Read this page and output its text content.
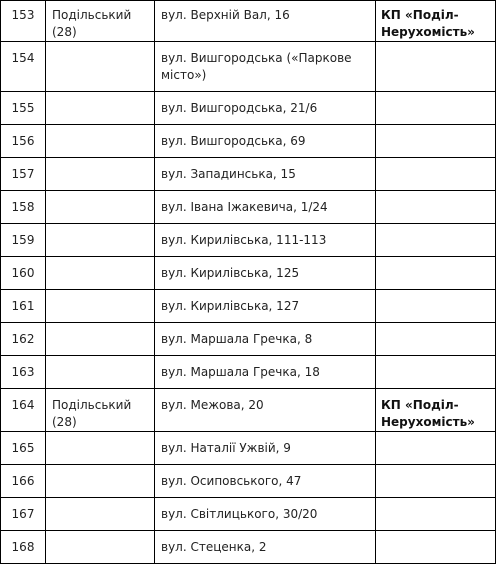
153	Подільський (28)	вул. Верхній Вал, 16	КП «Поділ-Нерухомість»
154		вул. Вишгородська («Паркове місто»)	
155		вул. Вишгородська, 21/6	
156		вул. Вишгородська, 69	
157		вул. Западинська, 15	
158		вул. Івана Іжакевича, 1/24	
159		вул. Кирилівська, 111-113	
160		вул. Кирилівська, 125	
161		вул. Кирилівська, 127	
162		вул. Маршала Гречка, 8	
163		вул. Маршала Гречка, 18	
164	Подільський (28)	вул. Межова, 20	КП «Поділ-Нерухомість»
165		вул. Наталії Ужвій, 9	
166		вул. Осиповського, 47	
167		вул. Світлицького, 30/20	
168		вул. Стеценка, 2	
